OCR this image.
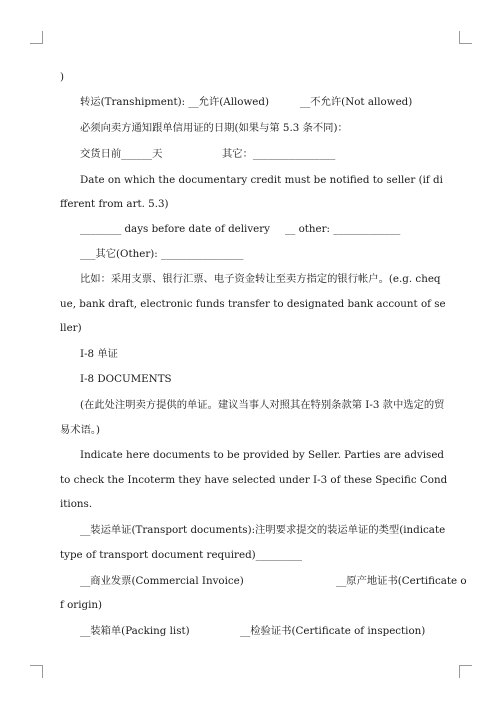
)

转运(Transhipment): __允许(Allowed)	__不允许(Not allowed)

必须向卖方通知跟单信用证的日期(如果与第 5.3 条不同)：

交货日前______天	其它：________________

Date on which the documentary credit must be notified to seller (if di

fferent from art. 5.3)

________ days before date of delivery __ other: _____________

___其它(Other): ________________

比如：采用支票、银行汇票、电子资金转让至卖方指定的银行帐户。(e.g. cheq

ue, bank draft, electronic funds transfer to designated bank account of se

ller)

I-8 单证

I-8 DOCUMENTS

(在此处注明卖方提供的单证。建议当事人对照其在特别条款第 I-3 款中选定的贸

易术语。)

Indicate here documents to be provided by Seller. Parties are advised

to check the Incoterm they have selected under I-3 of these Specific Cond

itions.

__装运单证(Transport documents):注明要求提交的装运单证的类型(indicate

type of transport document required)_________

__商业发票(Commercial Invoice)	__原产地证书(Certificate o

f origin)

__装箱单(Packing list)	__检验证书(Certificate of inspection)
